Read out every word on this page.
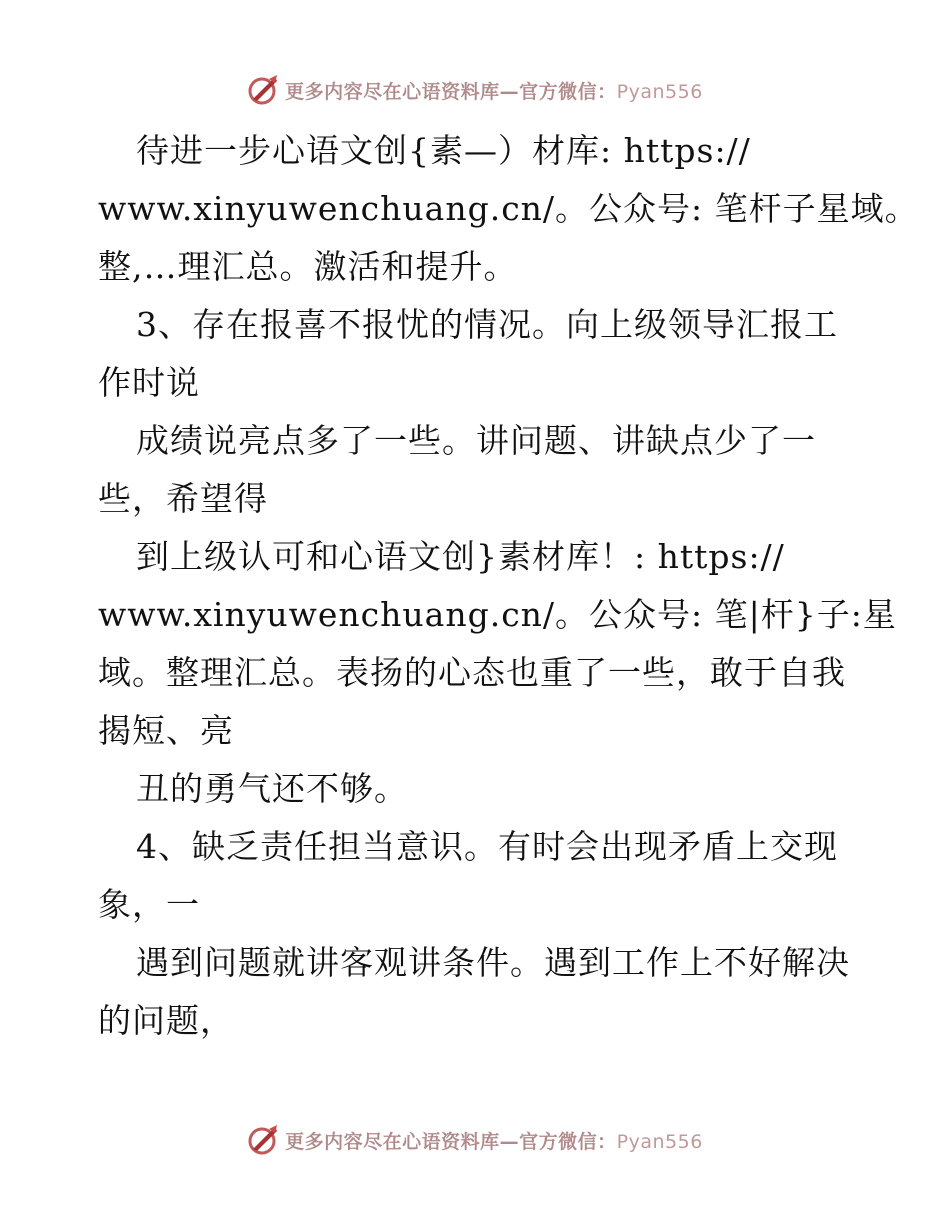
更多内容尽在心语资料库—官方微信：Pyan556
待进一步心语文创{素—）材库: https://
www.xinyuwenchuang.cn/。公众号: 笔杆子星域。
整,…理汇总。激活和提升。
3、存在报喜不报忧的情况。向上级领导汇报工
作时说
成绩说亮点多了一些。讲问题、讲缺点少了一
些，希望得
到上级认可和心语文创}素材库！: https://
www.xinyuwenchuang.cn/。公众号: 笔|杆}子:星
域。整理汇总。表扬的心态也重了一些，敢于自我
揭短、亮
丑的勇气还不够。
4、缺乏责任担当意识。有时会出现矛盾上交现
象，一
遇到问题就讲客观讲条件。遇到工作上不好解决
的问题，
更多内容尽在心语资料库—官方微信：Pyan556
